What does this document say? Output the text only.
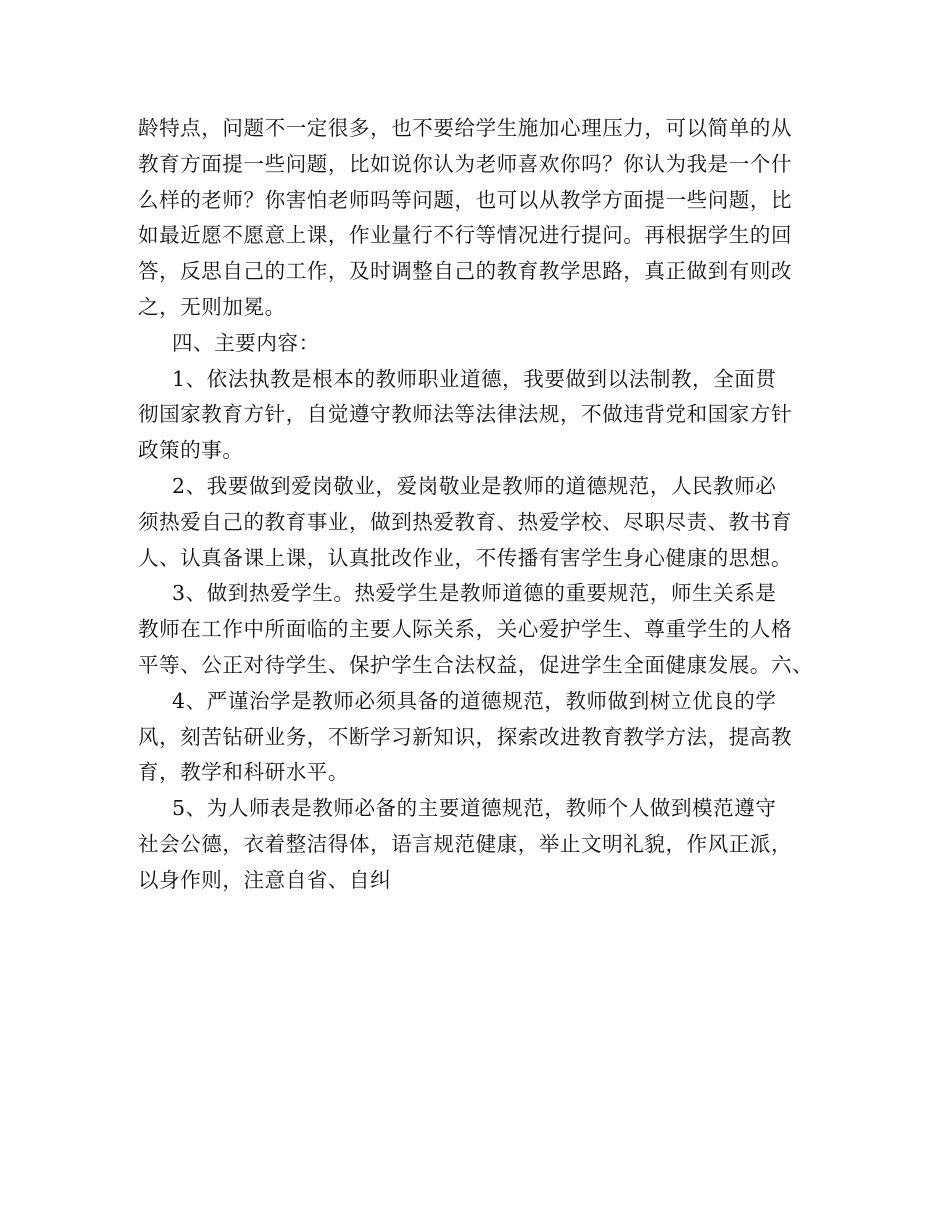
龄特点，问题不一定很多，也不要给学生施加心理压力，可以简单的从
教育方面提一些问题，比如说你认为老师喜欢你吗？你认为我是一个什
么样的老师？你害怕老师吗等问题，也可以从教学方面提一些问题，比
如最近愿不愿意上课，作业量行不行等情况进行提问。再根据学生的回
答，反思自己的工作，及时调整自己的教育教学思路，真正做到有则改
之，无则加冕。
四、主要内容：
1、依法执教是根本的教师职业道德，我要做到以法制教，全面贯
彻国家教育方针，自觉遵守教师法等法律法规，不做违背党和国家方针
政策的事。
2、我要做到爱岗敬业，爱岗敬业是教师的道德规范，人民教师必
须热爱自己的教育事业，做到热爱教育、热爱学校、尽职尽责、教书育
人、认真备课上课，认真批改作业，不传播有害学生身心健康的思想。
3、做到热爱学生。热爱学生是教师道德的重要规范，师生关系是
教师在工作中所面临的主要人际关系，关心爱护学生、尊重学生的人格
平等、公正对待学生、保护学生合法权益，促进学生全面健康发展。六、
4、严谨治学是教师必须具备的道德规范，教师做到树立优良的学
风，刻苦钻研业务，不断学习新知识，探索改进教育教学方法，提高教
育，教学和科研水平。
5、为人师表是教师必备的主要道德规范，教师个人做到模范遵守
社会公德，衣着整洁得体，语言规范健康，举止文明礼貌，作风正派，
以身作则，注意自省、自纠
